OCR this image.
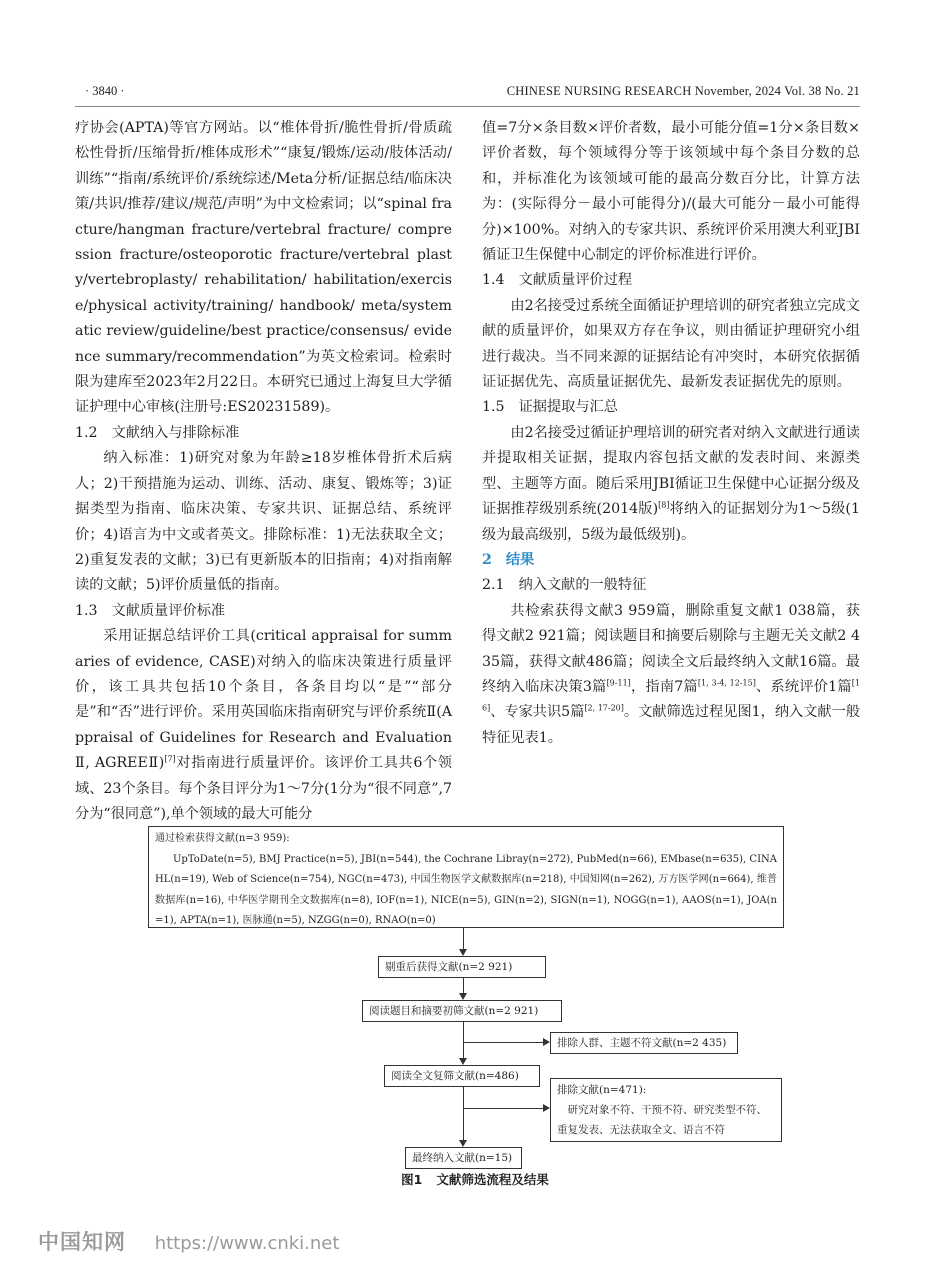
· 3840 ·	CHINESE NURSING RESEARCH November, 2024 Vol. 38 No. 21

疗协会(APTA)等官方网站。以“椎体骨折/脆性骨折/骨质疏松性骨折/压缩骨折/椎体成形术”“康复/锻炼/运动/肢体活动/训练”“指南/系统评价/系统综述/Meta分析/证据总结/临床决策/共识/推荐/建议/规范/声明”为中文检索词；以“spinal fracture/hangman fracture/vertebral fracture/ compression fracture/osteoporotic fracture/vertebral plasty/vertebroplasty/ rehabilitation/ habilitation/exercise/physical activity/training/ handbook/ meta/systematic review/guideline/best practice/consensus/ evidence summary/recommendation”为英文检索词。检索时限为建库至2023年2月22日。本研究已通过上海复旦大学循证护理中心审核(注册号:ES20231589)。

1.2 文献纳入与排除标准

纳入标准：1)研究对象为年龄≥18岁椎体骨折术后病人；2)干预措施为运动、训练、活动、康复、锻炼等；3)证据类型为指南、临床决策、专家共识、证据总结、系统评价；4)语言为中文或者英文。排除标准：1)无法获取全文；2)重复发表的文献；3)已有更新版本的旧指南；4)对指南解读的文献；5)评价质量低的指南。

1.3 文献质量评价标准

采用证据总结评价工具(critical appraisal for summaries of evidence, CASE)对纳入的临床决策进行质量评价，该工具共包括10个条目，各条目均以“是”“部分是”和“否”进行评价。采用英国临床指南研究与评价系统Ⅱ(Appraisal of Guidelines for Research and Evaluation Ⅱ, AGREEⅡ)[7]对指南进行质量评价。该评价工具共6个领域、23个条目。每个条目评分为1～7分(1分为“很不同意”,7分为“很同意”),单个领域的最大可能分

值=7分×条目数×评价者数，最小可能分值=1分×条目数×评价者数，每个领域得分等于该领域中每个条目分数的总和，并标准化为该领域可能的最高分数百分比，计算方法为：(实际得分－最小可能得分)/(最大可能分－最小可能得分)×100%。对纳入的专家共识、系统评价采用澳大利亚JBI循证卫生保健中心制定的评价标准进行评价。

1.4 文献质量评价过程

由2名接受过系统全面循证护理培训的研究者独立完成文献的质量评价，如果双方存在争议，则由循证护理研究小组进行裁决。当不同来源的证据结论有冲突时，本研究依据循证证据优先、高质量证据优先、最新发表证据优先的原则。

1.5 证据提取与汇总

由2名接受过循证护理培训的研究者对纳入文献进行通读并提取相关证据，提取内容包括文献的发表时间、来源类型、主题等方面。随后采用JBI循证卫生保健中心证据分级及证据推荐级别系统(2014版)[8]将纳入的证据划分为1～5级(1级为最高级别，5级为最低级别)。

2 结果
2.1 纳入文献的一般特征

共检索获得文献3 959篇，删除重复文献1 038篇，获得文献2 921篇；阅读题目和摘要后剔除与主题无关文献2 435篇，获得文献486篇；阅读全文后最终纳入文献16篇。最终纳入临床决策3篇[9-11]，指南7篇[1, 3-4, 12-15]、系统评价1篇[16]、专家共识5篇[2, 17-20]。文献筛选过程见图1，纳入文献一般特征见表1。

通过检索获得文献(n=3 959):
UpToDate(n=5), BMJ Practice(n=5), JBI(n=544), the Cochrane Libray(n=272), PubMed(n=66), EMbase(n=635), CINAHL(n=19), Web of Science(n=754), NGC(n=473), 中国生物医学文献数据库(n=218), 中国知网(n=262), 万方医学网(n=664), 维普数据库(n=16), 中华医学期刊全文数据库(n=8), IOF(n=1), NICE(n=5), GIN(n=2), SIGN(n=1), NOGG(n=1), AAOS(n=1), JOA(n=1), APTA(n=1), 医脉通(n=5), NZGG(n=0), RNAO(n=0)
剔重后获得文献(n=2 921)
阅读题目和摘要初筛文献(n=2 921)
排除人群、主题不符文献(n=2 435)
阅读全文复筛文献(n=486)
排除文献(n=471):
研究对象不符、干预不符、研究类型不符、重复发表、无法获取全文、语言不符
最终纳入文献(n=15)
图1 文献筛选流程及结果
中国知网 https://www.cnki.net
